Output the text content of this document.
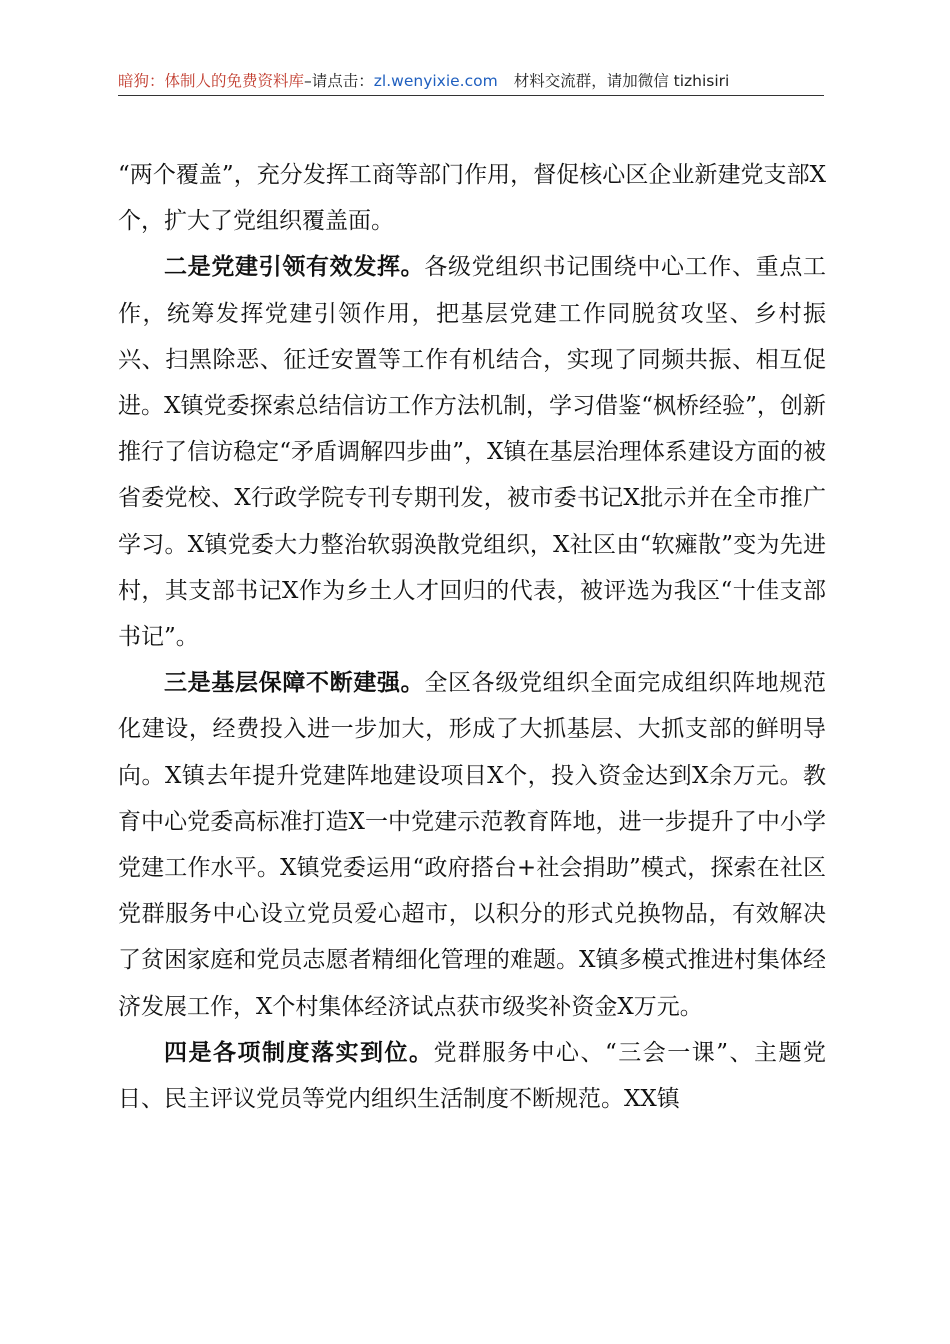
暗狗：体制人的免费资料库–请点击：zl.wenyixie.com 材料交流群，请加微信 tizhisiri

“两个覆盖”，充分发挥工商等部门作用，督促核心区企业新建党支部X个，扩大了党组织覆盖面。

二是党建引领有效发挥。各级党组织书记围绕中心工作、重点工作，统筹发挥党建引领作用，把基层党建工作同脱贫攻坚、乡村振兴、扫黑除恶、征迁安置等工作有机结合，实现了同频共振、相互促进。X镇党委探索总结信访工作方法机制，学习借鉴“枫桥经验”，创新推行了信访稳定“矛盾调解四步曲”，X镇在基层治理体系建设方面的被省委党校、X行政学院专刊专期刊发，被市委书记X批示并在全市推广学习。X镇党委大力整治软弱涣散党组织，X社区由“软瘫散”变为先进村，其支部书记X作为乡土人才回归的代表，被评选为我区“十佳支部书记”。

三是基层保障不断建强。全区各级党组织全面完成组织阵地规范化建设，经费投入进一步加大，形成了大抓基层、大抓支部的鲜明导向。X镇去年提升党建阵地建设项目X个，投入资金达到X余万元。教育中心党委高标准打造X一中党建示范教育阵地，进一步提升了中小学党建工作水平。X镇党委运用“政府搭台+社会捐助”模式，探索在社区党群服务中心设立党员爱心超市，以积分的形式兑换物品，有效解决了贫困家庭和党员志愿者精细化管理的难题。X镇多模式推进村集体经济发展工作，X个村集体经济试点获市级奖补资金X万元。

四是各项制度落实到位。党群服务中心、“三会一课”、主题党日、民主评议党员等党内组织生活制度不断规范。XX镇
